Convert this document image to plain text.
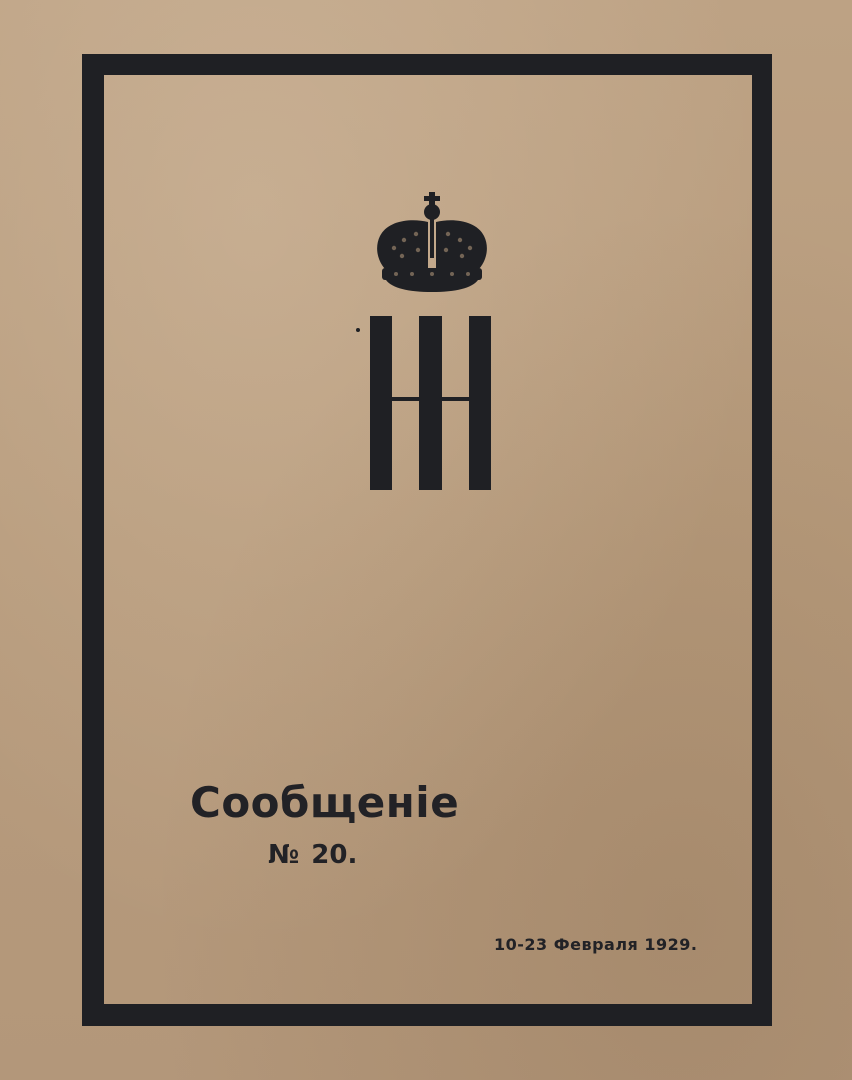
Сообщенie
№ 20.
10-23 Февраля 1929.
